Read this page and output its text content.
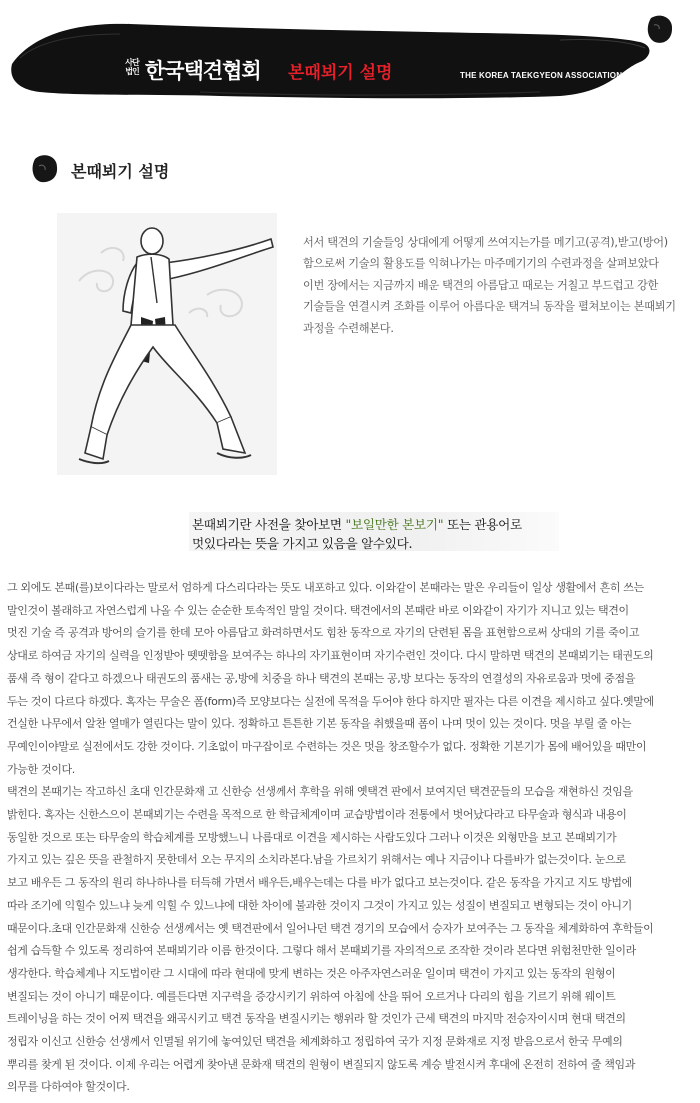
사단
법인 한국택견협회 본때뵈기 설명	THE KOREA TAEKGYEON ASSOCIATION
본때뵈기 설명

서서 택견의 기술들잉 상대에게 어떻게 쓰여지는가를 메기고(공격),받고(방어)

함으로써 기술의 활용도를 익혀나가는 마주메기기의 수련과정을 살펴보았다

이번 장에서는 지금까지 배운 택견의 아름답고 때로는 거칠고 부드럽고 강한

기술들을 연결시켜 조화를 이루어 아름다운 택겨늬 동작을 펼쳐보이는 본때뵈기

과정을 수련해본다.

본때뵈기란 사전을 찾아보면 "보일만한 본보기" 또는 관용어로
멋있다라는 뜻을 가지고 있음을 알수있다.

그 외에도 본때(를)보이다라는 말로서 엄하게 다스리다라는 뜻도 내포하고 있다. 이와같이 본때라는 말은 우리들이 일상 생활에서 흔히 쓰는

말인것이 볼래하고 자연스럽게 나올 수 있는 순순한 토속적인 말일 것이다. 택견에서의 본때란 바로 이와같이 자기가 지니고 있는 택견이

멋진 기술 즉 공격과 방어의 슬기를 한데 모아 아름답고 화려하면서도 힘찬 동작으로 자기의 단련된 몸을 표현함으로써 상대의 기를 죽이고

상대로 하여금 자기의 실력을 인정받아 뗏뗏함을 보여주는 하나의 자기표현이며 자기수련인 것이다. 다시 말하면 택견의 본때뵈기는 태권도의

품새 즉 형이 같다고 하겠으나 태권도의 품새는 공,방에 치중을 하나 택견의 본때는 공,방 보다는 동작의 연결성의 자유로움과 멋에 중점을

두는 것이 다르다 하겠다. 혹자는 무술은 폼(form)즉 모양보다는 실전에 목적을 두어야 한다 하지만 필자는 다른 이견을 제시하고 싶다.옛말에

건실한 나무에서 알찬 열매가 열린다는 말이 있다. 정확하고 튼튼한 기본 동작을 취했을때 폼이 나며 멋이 있는 것이다. 멋을 부릴 줄 아는

무예인이야말로 실전에서도 강한 것이다. 기초없이 마구잡이로 수련하는 것은 멋을 창조할수가 없다. 정확한 기본기가 몸에 배어있을 때만이

가능한 것이다.

택견의 본때기는 작고하신 초대 인간문화재 고 신한승 선생께서 후학을 위해 옛택견 판에서 보여지던 택견꾼들의 모습을 재현하신 것임을

밝힌다. 혹자는 신한스으이 본때뵈기는 수련을 목적으로 한 학급체계이며 교습방법이라 전통에서 벗어났다라고 타무술과 형식과 내용이

동일한 것으로 또는 타무술의 학습체계를 모방했느니 나름대로 이견을 제시하는 사람도있다 그러나 이것은 외형만을 보고 본때뵈기가

가지고 있는 깊은 뜻을 관철하지 못한데서 오는 무지의 소치라본다.남을 가르치기 위해서는 예나 지금이나 다를바가 없는것이다. 눈으로

보고 배우든 그 동작의 원리 하나하나를 터득해 가면서 배우든,배우는데는 다를 바가 없다고 보는것이다. 같은 동작을 가지고 지도 방법에

따라 조기에 익힐수 있느냐 늦게 익힐 수 있느냐에 대한 차이에 불과한 것이지 그것이 가지고 있는 성질이 변질되고 변형되는 것이 아니기

때문이다.초대 인간문화재 신한승 선생께서는 옛 택견판에서 일어나던 택견 경기의 모습에서 승자가 보여주는 그 동작을 체계화하여 후학들이

쉽게 습득할 수 있도록 정리하여 본때뵈기라 이름 한것이다. 그렇다 해서 본때뵈기를 자의적으로 조작한 것이라 본다면 위험천만한 일이라

생각한다. 학습체계나 지도법이란 그 시대에 따라 현대에 맞게 변하는 것은 아주자연스러운 일이며 택견이 가지고 있는 동작의 원형이

변질되는 것이 아니기 때문이다. 예를든다면 지구력을 증강시키기 위하여 아침에 산을 뛰어 오르거나 다리의 힘을 기르기 위해 웨이트

트레이닝을 하는 것이 어찌 택견을 왜곡시키고 택견 동작을 변질시키는 행위라 할 것인가 근세 택견의 마지막 전승자이시며 현대 택견의

정립자 이신고 신한승 선생께서 인멸될 위기에 놓여있던 택견을 체계화하고 정립하여 국가 지정 문화재로 지정 받음으로서 한국 무예의

뿌리를 찾게 된 것이다. 이제 우리는 어렵게 찾아낸 문화재 택견의 원형이 변질되지 않도록 계승 발전시켜 후대에 온전히 전하여 줄 책임과

의무를 다하여야 할것이다.
